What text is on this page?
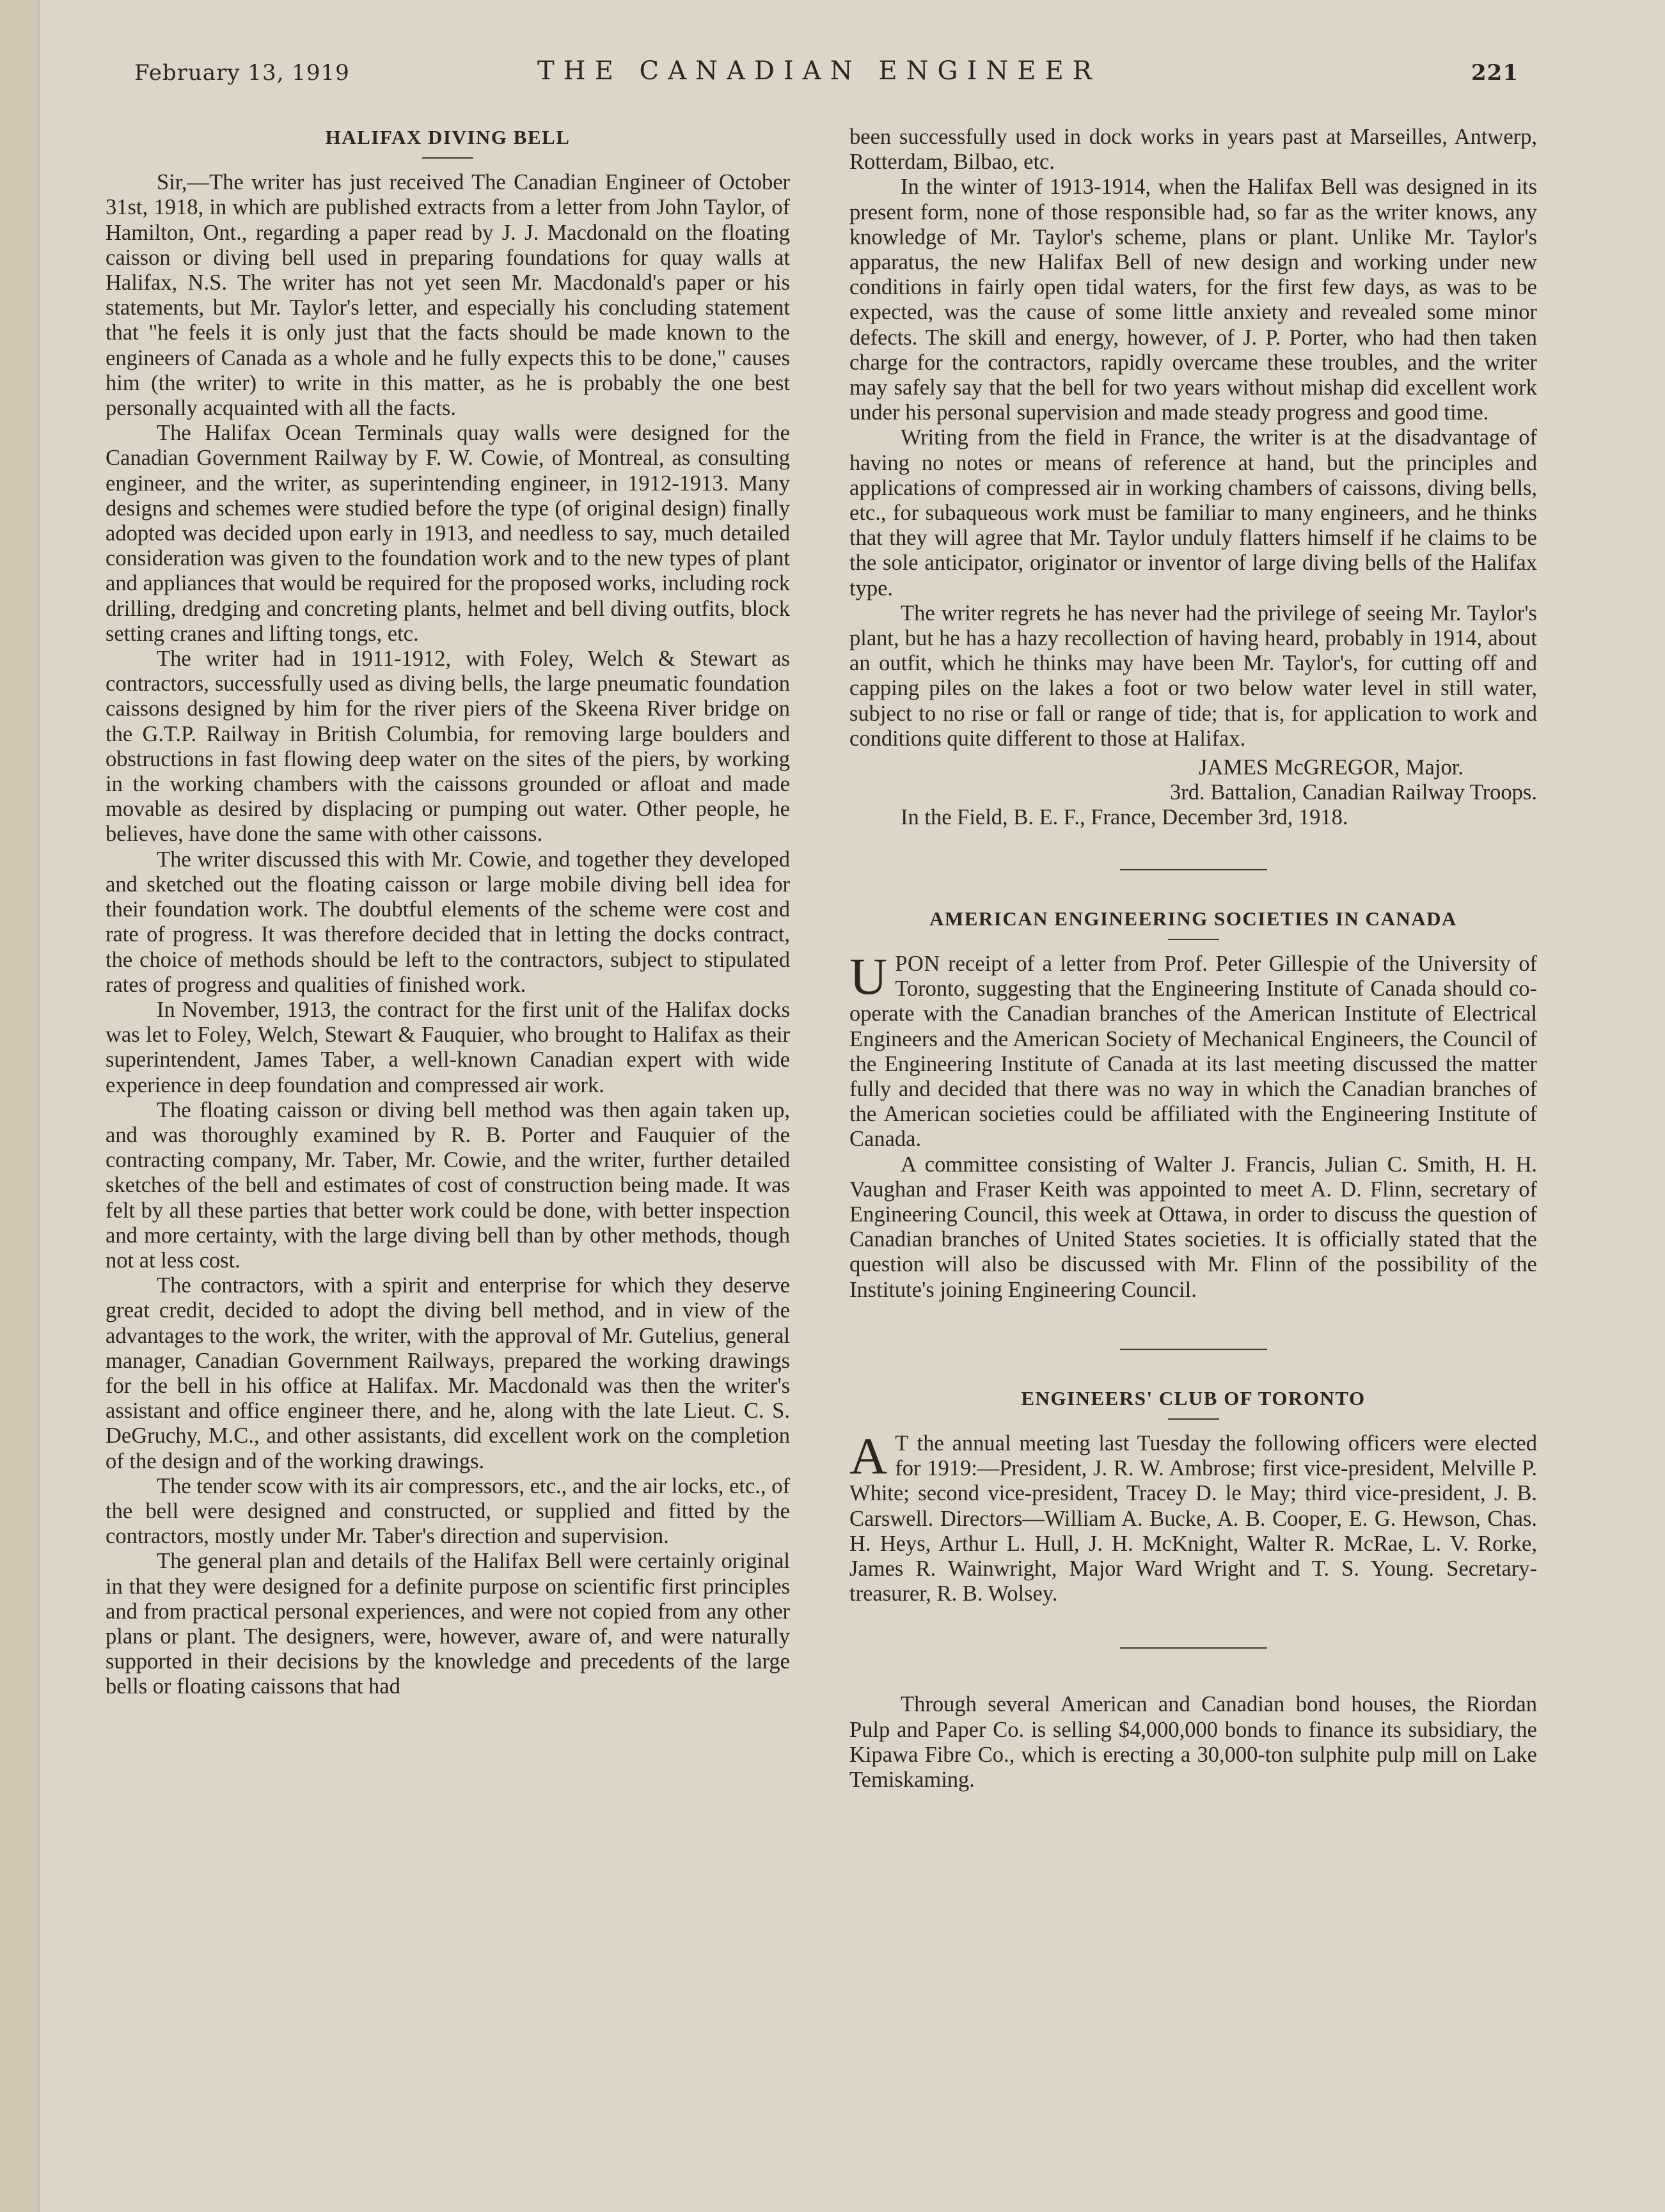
February 13, 1919	THE CANADIAN ENGINEER	221
HALIFAX DIVING BELL

Sir,—The writer has just received The Canadian Engineer of October 31st, 1918, in which are published extracts from a letter from John Taylor, of Hamilton, Ont., regarding a paper read by J. J. Macdonald on the floating caisson or diving bell used in preparing foundations for quay walls at Halifax, N.S. The writer has not yet seen Mr. Macdonald's paper or his statements, but Mr. Taylor's letter, and especially his concluding statement that "he feels it is only just that the facts should be made known to the engineers of Canada as a whole and he fully expects this to be done," causes him (the writer) to write in this matter, as he is probably the one best personally acquainted with all the facts.

The Halifax Ocean Terminals quay walls were designed for the Canadian Government Railway by F. W. Cowie, of Montreal, as consulting engineer, and the writer, as superintending engineer, in 1912-1913. Many designs and schemes were studied before the type (of original design) finally adopted was decided upon early in 1913, and needless to say, much detailed consideration was given to the foundation work and to the new types of plant and appliances that would be required for the proposed works, including rock drilling, dredging and concreting plants, helmet and bell diving outfits, block setting cranes and lifting tongs, etc.

The writer had in 1911-1912, with Foley, Welch & Stewart as contractors, successfully used as diving bells, the large pneumatic foundation caissons designed by him for the river piers of the Skeena River bridge on the G.T.P. Railway in British Columbia, for removing large boulders and obstructions in fast flowing deep water on the sites of the piers, by working in the working chambers with the caissons grounded or afloat and made movable as desired by displacing or pumping out water. Other people, he believes, have done the same with other caissons.

The writer discussed this with Mr. Cowie, and together they developed and sketched out the floating caisson or large mobile diving bell idea for their foundation work. The doubtful elements of the scheme were cost and rate of progress. It was therefore decided that in letting the docks contract, the choice of methods should be left to the contractors, subject to stipulated rates of progress and qualities of finished work.

In November, 1913, the contract for the first unit of the Halifax docks was let to Foley, Welch, Stewart & Fauquier, who brought to Halifax as their superintendent, James Taber, a well-known Canadian expert with wide experience in deep foundation and compressed air work.

The floating caisson or diving bell method was then again taken up, and was thoroughly examined by R. B. Porter and Fauquier of the contracting company, Mr. Taber, Mr. Cowie, and the writer, further detailed sketches of the bell and estimates of cost of construction being made. It was felt by all these parties that better work could be done, with better inspection and more certainty, with the large diving bell than by other methods, though not at less cost.

The contractors, with a spirit and enterprise for which they deserve great credit, decided to adopt the diving bell method, and in view of the advantages to the work, the writer, with the approval of Mr. Gutelius, general manager, Canadian Government Railways, prepared the working drawings for the bell in his office at Halifax. Mr. Macdonald was then the writer's assistant and office engineer there, and he, along with the late Lieut. C. S. DeGruchy, M.C., and other assistants, did excellent work on the completion of the design and of the working drawings.

The tender scow with its air compressors, etc., and the air locks, etc., of the bell were designed and constructed, or supplied and fitted by the contractors, mostly under Mr. Taber's direction and supervision.

The general plan and details of the Halifax Bell were certainly original in that they were designed for a definite purpose on scientific first principles and from practical personal experiences, and were not copied from any other plans or plant. The designers, were, however, aware of, and were naturally supported in their decisions by the knowledge and precedents of the large bells or floating caissons that had

been successfully used in dock works in years past at Marseilles, Antwerp, Rotterdam, Bilbao, etc.

In the winter of 1913-1914, when the Halifax Bell was designed in its present form, none of those responsible had, so far as the writer knows, any knowledge of Mr. Taylor's scheme, plans or plant. Unlike Mr. Taylor's apparatus, the new Halifax Bell of new design and working under new conditions in fairly open tidal waters, for the first few days, as was to be expected, was the cause of some little anxiety and revealed some minor defects. The skill and energy, however, of J. P. Porter, who had then taken charge for the contractors, rapidly overcame these troubles, and the writer may safely say that the bell for two years without mishap did excellent work under his personal supervision and made steady progress and good time.

Writing from the field in France, the writer is at the disadvantage of having no notes or means of reference at hand, but the principles and applications of compressed air in working chambers of caissons, diving bells, etc., for subaqueous work must be familiar to many engineers, and he thinks that they will agree that Mr. Taylor unduly flatters himself if he claims to be the sole anticipator, originator or inventor of large diving bells of the Halifax type.

The writer regrets he has never had the privilege of seeing Mr. Taylor's plant, but he has a hazy recollection of having heard, probably in 1914, about an outfit, which he thinks may have been Mr. Taylor's, for cutting off and capping piles on the lakes a foot or two below water level in still water, subject to no rise or fall or range of tide; that is, for application to work and conditions quite different to those at Halifax.

JAMES McGREGOR, Major.

3rd. Battalion, Canadian Railway Troops.

In the Field, B. E. F., France, December 3rd, 1918.

AMERICAN ENGINEERING SOCIETIES IN CANADA

UPON receipt of a letter from Prof. Peter Gillespie of the University of Toronto, suggesting that the Engineering Institute of Canada should co-operate with the Canadian branches of the American Institute of Electrical Engineers and the American Society of Mechanical Engineers, the Council of the Engineering Institute of Canada at its last meeting discussed the matter fully and decided that there was no way in which the Canadian branches of the American societies could be affiliated with the Engineering Institute of Canada.

A committee consisting of Walter J. Francis, Julian C. Smith, H. H. Vaughan and Fraser Keith was appointed to meet A. D. Flinn, secretary of Engineering Council, this week at Ottawa, in order to discuss the question of Canadian branches of United States societies. It is officially stated that the question will also be discussed with Mr. Flinn of the possibility of the Institute's joining Engineering Council.

ENGINEERS' CLUB OF TORONTO

A T the annual meeting last Tuesday the following officers were elected for 1919:—President, J. R. W. Ambrose; first vice-president, Melville P. White; second vice-president, Tracey D. le May; third vice-president, J. B. Carswell. Directors—William A. Bucke, A. B. Cooper, E. G. Hewson, Chas. H. Heys, Arthur L. Hull, J. H. McKnight, Walter R. McRae, L. V. Rorke, James R. Wainwright, Major Ward Wright and T. S. Young. Secretary-treasurer, R. B. Wolsey.

Through several American and Canadian bond houses, the Riordan Pulp and Paper Co. is selling $4,000,000 bonds to finance its subsidiary, the Kipawa Fibre Co., which is erecting a 30,000-ton sulphite pulp mill on Lake Temiskaming.
